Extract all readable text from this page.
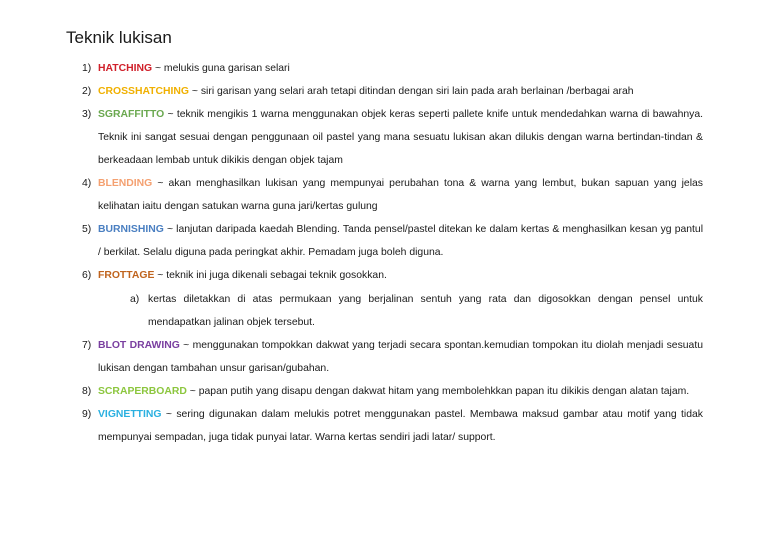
Teknik lukisan
1) HATCHING ~ melukis guna garisan selari
2) CROSSHATCHING ~ siri garisan yang selari arah tetapi ditindan dengan siri lain pada arah berlainan /berbagai arah
3) SGRAFFITTO ~ teknik mengikis 1 warna menggunakan objek keras seperti pallete knife untuk mendedahkan warna di bawahnya. Teknik ini sangat sesuai dengan penggunaan oil pastel yang mana sesuatu lukisan akan dilukis dengan warna bertindan-tindan & berkeadaan lembab untuk dikikis dengan objek tajam
4) BLENDING ~ akan menghasilkan lukisan yang mempunyai perubahan tona & warna yang lembut, bukan sapuan yang jelas kelihatan iaitu dengan satukan warna guna jari/kertas gulung
5) BURNISHING ~ lanjutan daripada kaedah Blending. Tanda pensel/pastel ditekan ke dalam kertas & menghasilkan kesan yg pantul / berkilat. Selalu diguna pada peringkat akhir. Pemadam juga boleh diguna.
6) FROTTAGE ~ teknik ini juga dikenali sebagai teknik gosokkan.
a) kertas diletakkan di atas permukaan yang berjalinan sentuh yang rata dan digosokkan dengan pensel untuk mendapatkan jalinan objek tersebut.
7) BLOT DRAWING ~ menggunakan tompokkan dakwat yang terjadi secara spontan.kemudian tompokan itu diolah menjadi sesuatu lukisan dengan tambahan unsur garisan/gubahan.
8) SCRAPERBOARD ~ papan putih yang disapu dengan dakwat hitam yang membolehkkan papan itu dikikis dengan alatan tajam.
9) VIGNETTING ~ sering digunakan dalam melukis potret menggunakan pastel. Membawa maksud gambar atau motif yang tidak mempunyai sempadan, juga tidak punyai latar. Warna kertas sendiri jadi latar/ support.
